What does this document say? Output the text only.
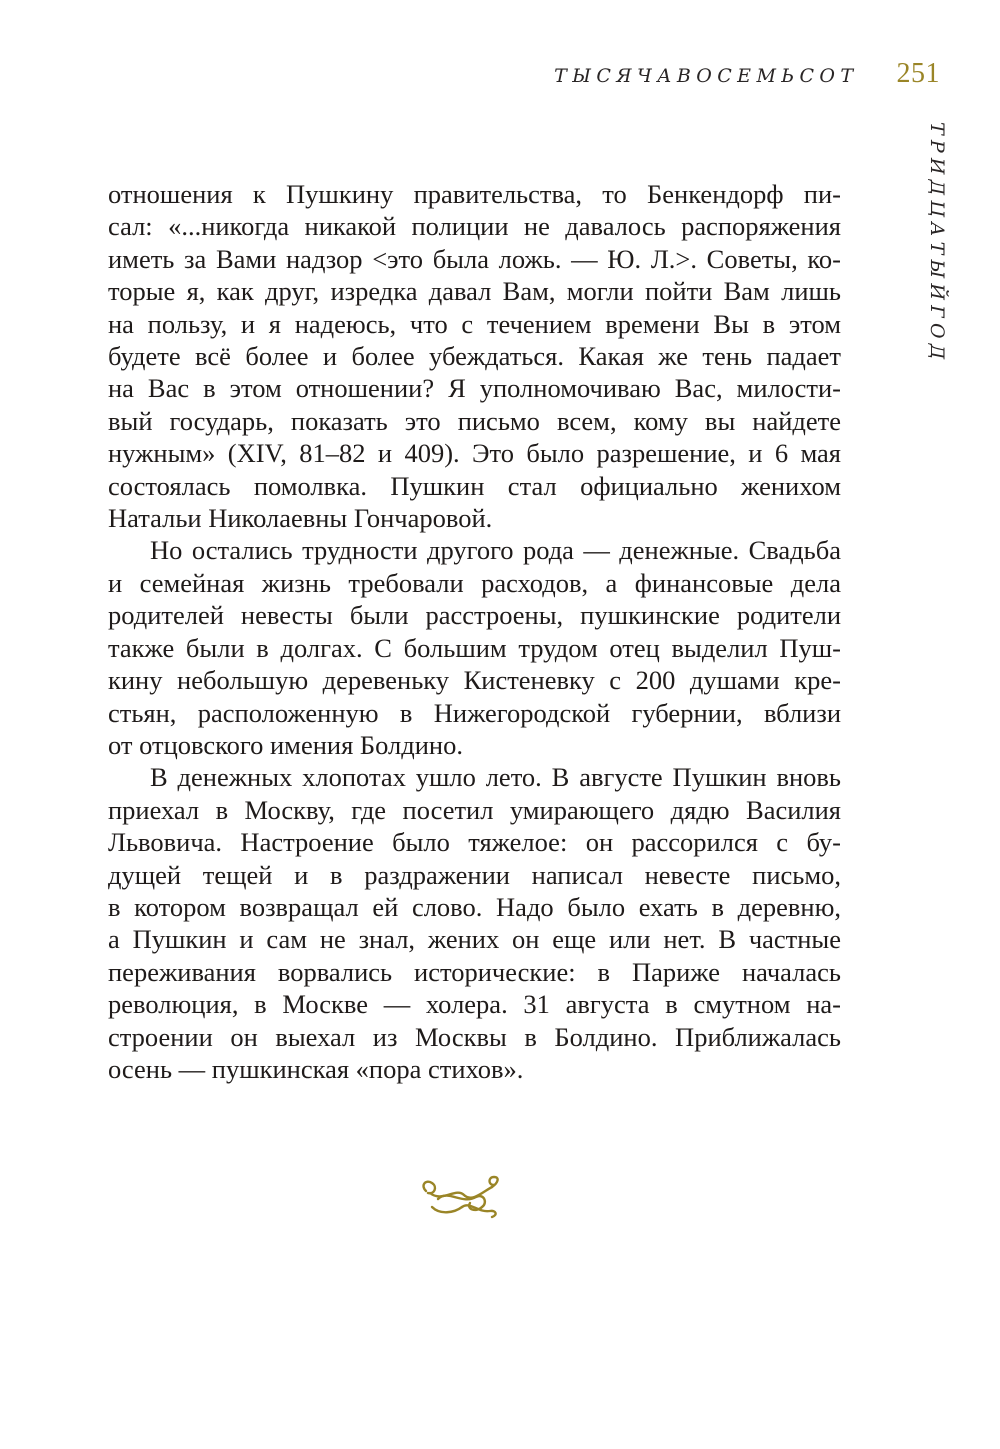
ТЫСЯЧАВОСЕМЬСОТ 251
ТРИДЦАТЫЙГОД
отношения к Пушкину правительства, то Бенкендорф пи-
сал: «...никогда никакой полиции не давалось распоряжения
иметь за Вами надзор <это была ложь. — Ю. Л.>. Советы, ко-
торые я, как друг, изредка давал Вам, могли пойти Вам лишь
на пользу, и я надеюсь, что с течением времени Вы в этом
будете всё более и более убеждаться. Какая же тень падает
на Вас в этом отношении? Я уполномочиваю Вас, милости-
вый государь, показать это письмо всем, кому вы найдете
нужным» (XIV, 81–82 и 409). Это было разрешение, и 6 мая
состоялась помолвка. Пушкин стал официально женихом
Натальи Николаевны Гончаровой.
Но остались трудности другого рода — денежные. Свадьба
и семейная жизнь требовали расходов, а финансовые дела
родителей невесты были расстроены, пушкинские родители
также были в долгах. С большим трудом отец выделил Пуш-
кину небольшую деревеньку Кистеневку с 200 душами кре-
стьян, расположенную в Нижегородской губернии, вблизи
от отцовского имения Болдино.
В денежных хлопотах ушло лето. В августе Пушкин вновь
приехал в Москву, где посетил умирающего дядю Василия
Львовича. Настроение было тяжелое: он рассорился с бу-
дущей тещей и в раздражении написал невесте письмо,
в котором возвращал ей слово. Надо было ехать в деревню,
а Пушкин и сам не знал, жених он еще или нет. В частные
переживания ворвались исторические: в Париже началась
революция, в Москве — холера. 31 августа в смутном на-
строении он выехал из Москвы в Болдино. Приближалась
осень — пушкинская «пора стихов».
